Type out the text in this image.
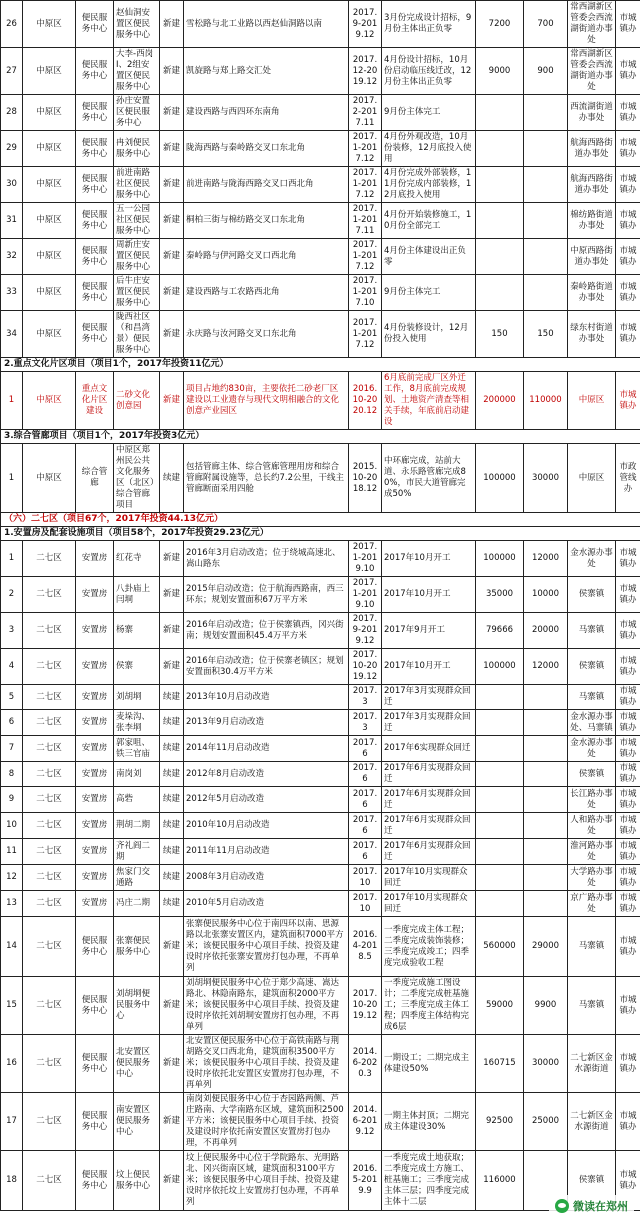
26	中原区	便民服务中心	赵仙洞安置区便民服务中心	新建	雪松路与北工业路以西赵仙洞路以南	2017.9-2019.12	3月份完成设计招标，9月份主体出正负零	7200	700	常西湖新区管委会西流湖街道办事处	市城镇办
27	中原区	便民服务中心	大李-西岗I、2组安置区便民服务中心	新建	凯旋路与郑上路交汇处	2017.12-2019.12	4月份设计招标，10月份启动临压线迁改，12月份主体出正负零	9000	900	常西湖新区管委会西流湖街道办事处	市城镇办
28	中原区	便民服务中心	孙庄安置区便民服务中心	新建	建设西路与西四环东南角	2017.2-2017.11	9月份主体完工			西流湖街道办事处	市城镇办
29	中原区	便民服务中心	冉刘便民服务中心	新建	陇海西路与秦岭路交叉口东北角	2017.1-2017.12	4月份外观改造，10月份装修，12月底投入使用			航海西路街道办事处	市城镇办
30	中原区	便民服务中心	前进南路社区便民服务中心	新建	前进南路与陇海西路交叉口西北角	2017.1-2017.12	4月份完成外部装修，11月份完成内部装修，12月底投入使用			航海西路街道办事处	市城镇办
31	中原区	便民服务中心	五一公园社区便民服务中心	新建	桐柏三街与棉纺路交叉口东北角	2017.1-2017.11	4月份开始装修施工，10月份全部完工			棉纺路街道办事处	市城镇办
32	中原区	便民服务中心	周新庄安置区便民服务中心	新建	秦岭路与伊河路交叉口西北角	2017.1-2017.12	4月份主体建设出正负零			中原西路街道办事处	市城镇办
33	中原区	便民服务中心	后牛庄安置区便民服务中心	新建	建设西路与工农路西北角	2017.1-2017.10	9月份主体完工			秦岭路街道办事处	市城镇办
34	中原区	便民服务中心	陇西社区（和昌湾景）便民服务中心	新建	永庆路与汝河路交叉口东北角	2017.1-2017.12	4月份装修设计，12月份投入使用	150	150	绿东村街道办事处	市城镇办
2.重点文化片区项目（项目1个，2017年投资11亿元）											
1	中原区	重点文化片区建设	二砂文化创意园	新建	项目占地约830亩，主要依托二砂老厂区建设以工业遗存与现代文明相融合的文化创意产业园区	2016.10-2020.12	6月底前完成厂区外迁工作，8月底前完成规划、土地资产清查等相关手续，年底前启动建设	200000	110000	中原区	市城镇办
3.综合管廊项目（项目1个，2017年投资3亿元）											
1	中原区	综合管廊	中原区郑州民公共文化服务区（北区）综合管廊项目	续建	包括管廊主体、综合管廊管理用房和综合管廊附属设施等，总长约7.2公里，干线主管廊断面采用四舱	2015.10-2018.12	中环廊完成，站前大道、永乐路管廊完成80%，市民大道管廊完成50%	100000	30000	中原区	市政管线办
（六）二七区（项目67个，2017年投资44.13亿元）											
1.安置房及配套设施项目（项目58个，2017年投资29.23亿元）											
1	二七区	安置房	红花寺	新建	2016年3月启动改造；位于绕城高速北、嵩山路东	2017.1-2019.10	2017年10月开工	100000	12000	金水源办事处	市城镇办
2	二七区	安置房	八卦庙上闫垌	新建	2015年启动改造；位于航海西路南，西三环东；规划安置面积67万平方米	2017.1-2019.10	2017年10月开工	35000	10000	侯寨镇	市城镇办
3	二七区	安置房	杨寨	新建	2016年启动改造；位于侯寨镇西，冈兴街南；规划安置面积45.4万平方米	2017.9-2019.12	2017年9月开工	79666	20000	马寨镇	市城镇办
4	二七区	安置房	侯寨	新建	2016年启动改造；位于侯寨老镇区；规划安置面积30.4万平方米	2017.10-2019.12	2017年10月开工	100000	12000	侯寨镇	市城镇办
5	二七区	安置房	刘胡垌	续建	2013年10月启动改造	2017.3	2017年3月实现群众回迁			马寨镇	市城镇办
6	二七区	安置房	麦垛沟、张李垌	续建	2013年9月启动改造	2017.3	2017年3月实现群众回迁			金水源办事处、马寨镇	市城镇办
7	二七区	安置房	郭家咀、铁三官庙	续建	2014年11月启动改造	2017.6	2017年6实现群众回迁			金水源办事处	市城镇办
8	二七区	安置房	南岗刘	续建	2012年8月启动改造	2017.6	2017年6月实现群众回迁			侯寨镇	市城镇办
9	二七区	安置房	高砦	续建	2012年5月启动改造	2017.6	2017年6月实现群众回迁			长江路办事处	市城镇办
10	二七区	安置房	荆胡二期	续建	2010年10月启动改造	2017.6	2017年6月实现群众回迁			人和路办事处	市城镇办
11	二七区	安置房	齐礼阎二期	续建	2011年11月启动改造	2017.6	2017年6月实现群众回迁			淮河路办事处	市城镇办
12	二七区	安置房	焦家门交通路	续建	2008年3月启动改造	2017.10	2017年10月实现群众回迁			大学路办事处	市城镇办
13	二七区	安置房	冯庄二期	续建	2010年5月启动改造	2017.10	2017年10月实现群众回迁			京广路办事处	市城镇办
14	二七区	便民服务中心	张寨便民服务中心	新建	张寨便民服务中心位于南四环以南、思源路以北张寨安置区内，建筑面积7000平方米；该便民服务中心项目手续、投资及建设时序依托张寨安置房打包办理，不再单列	2016.4-2018.5	一季度完成主体工程；二季度完成装饰装修；三季度完成竣工；四季度完成验收工程	560000	29000	马寨镇	市城镇办
15	二七区	便民服务中心	刘胡垌便民服务中心	新建	刘胡垌便民服务中心位于郑少高速、嵩达路北、林隐南路东，建筑面积2000平方米；该便民服务中心项目手续、投资及建设时序依托刘胡垌安置房打包办理，不再单列	2017.10-2019.12	一季度完成施工图设计；二季度完成桩基施工；三季度完成主体工程；四季度主体结构完成6层	59000	9900	马寨镇	市城镇办
16	二七区	便民服务中心	北安置区便民服务中心	新建	北安置区便民服务中心位于高铁南路与荆胡路交叉口西北角，建筑面积3500平方米；该便民服务中心项目手续、投资及建设时序依托北安置区安置房打包办理，不再单列	2014.6-2020.3	一期设工；二期完成主体建设50%	160715	30000	二七新区金水源街道	市城镇办
17	二七区	便民服务中心	南安置区便民服务中心	新建	南岗刘便民服务中心位于杏园路两侧、芦庄路南、大学南路东区域，建筑面积2500平方米；该便民服务中心项目手续、投资及建设时序依托南安置区安置房打包办理，不再单列	2014.6-2019.12	一期主体封顶；二期完成主体建设30%	92500	25000	二七新区金水源街道	市城镇办
18	二七区	便民服务中心	坟上便民服务中心	新建	坟上便民服务中心位于学院路东、光明路北、冈兴街南区域，建筑面积3100平方米；该便民服务中心项目手续、投资及建设时序依托坟上安置房打包办理，不再单列	2016.5-2019.9	一季度完成土地获取；二季度完成土方施工、桩基施工；三季度完成主体三层；四季度完成主体十二层	116000		侯寨镇	市城镇办
微读在郑州
